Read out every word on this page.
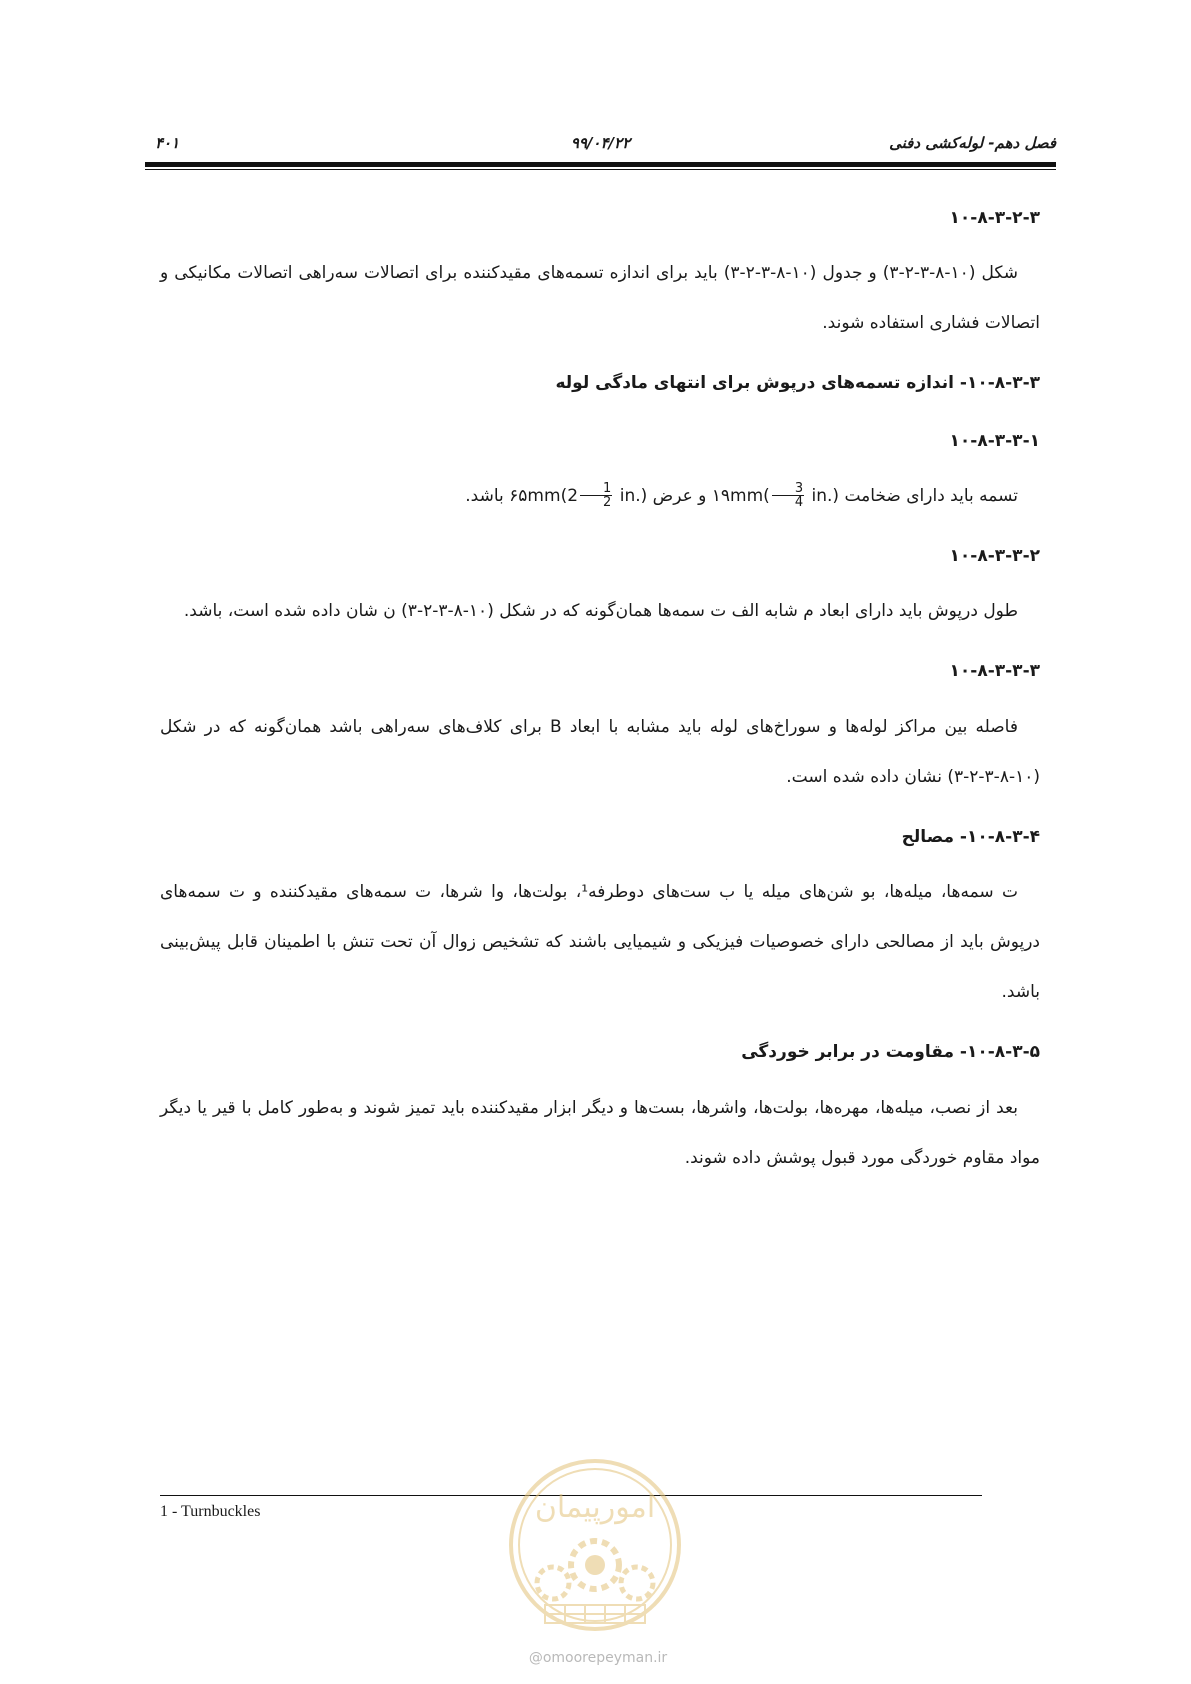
فصل دهم- لوله‌کشی دفنی
۹۹/۰۴/۲۲
۴۰۱
۱۰-۸-۳-۲-۳

شکل (۱۰-۸-۳-۲-۳) و جدول (۱۰-۸-۳-۲-۳) باید برای اندازه تسمه‌های مقیدکننده برای اتصالات سه‌راهی اتصالات مکانیکی و اتصالات فشاری استفاده شوند.

۱۰-۸-۳-۳- اندازه تسمه‌های درپوش برای انتهای مادگی لوله
۱۰-۸-۳-۳-۱

تسمه باید دارای ضخامت ۱۹mm( $\frac{3}{4} in$.) و عرض ۶۵mm(2 $\frac{1}{2} in$.) باشد.

۱۰-۸-۳-۳-۲

طول درپوش باید دارای ابعاد م شابه الف ت سمه‌ها همان‌گونه که در شکل (۱۰-۸-۳-۲-۳) ن شان داده شده است، باشد.

۱۰-۸-۳-۳-۳

فاصله بین مراکز لوله‌ها و سوراخ‌های لوله باید مشابه با ابعاد B برای کلاف‌های سه‌راهی باشد همان‌گونه که در شکل (۱۰-۸-۳-۲-۳) نشان داده شده است.

۱۰-۸-۳-۴- مصالح

ت سمه‌ها، میله‌ها، بو شن‌های میله یا ب ست‌های دوطرفه¹، بولت‌ها، وا شرها، ت سمه‌های مقیدکننده و ت سمه‌های درپوش باید از مصالحی دارای خصوصیات فیزیکی و شیمیایی باشند که تشخیص زوال آن تحت تنش با اطمینان قابل پیش‌بینی باشد.

۱۰-۸-۳-۵- مقاومت در برابر خوردگی

بعد از نصب، میله‌ها، مهره‌ها، بولت‌ها، واشرها، بست‌ها و دیگر ابزار مقیدکننده باید تمیز شوند و به‌طور کامل با قیر یا دیگر مواد مقاوم خوردگی مورد قبول پوشش داده شوند.

1 - Turnbuckles	امورپیمان
@omoorepeyman.ir
